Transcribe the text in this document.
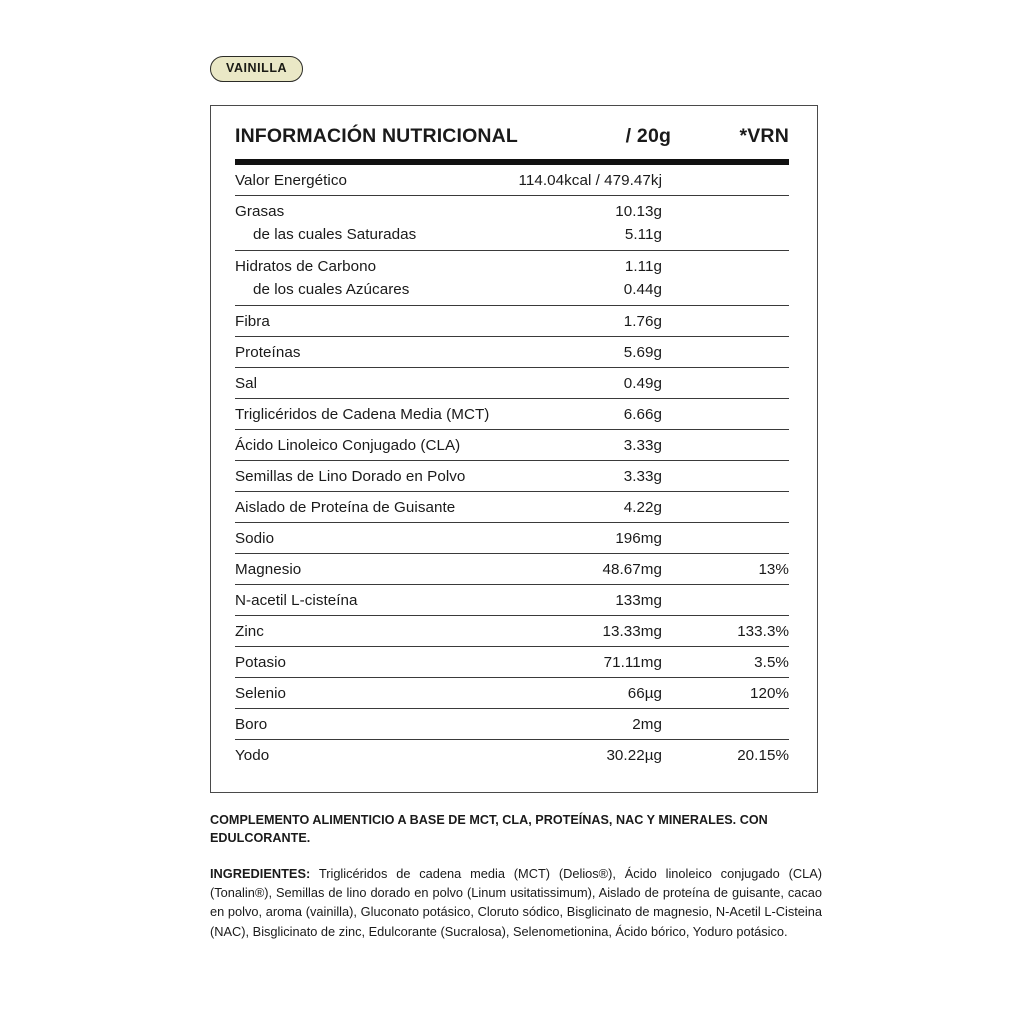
VAINILLA
INFORMACIÓN NUTRICIONAL	/ 20g	*VRN
Valor Energético	114.04kcal / 479.47kj
Grasas	10.13g
de las cuales Saturadas	5.11g
Hidratos de Carbono	1.11g
de los cuales Azúcares	0.44g
Fibra	1.76g
Proteínas	5.69g
Sal	0.49g
Triglicéridos de Cadena Media (MCT)	6.66g
Ácido Linoleico Conjugado (CLA)	3.33g
Semillas de Lino Dorado en Polvo	3.33g
Aislado de Proteína de Guisante	4.22g
Sodio	196mg
Magnesio	48.67mg	13%
N-acetil L-cisteína	133mg
Zinc	13.33mg	133.3%
Potasio	71.11mg	3.5%
Selenio	66µg	120%
Boro	2mg
Yodo	30.22µg	20.15%
COMPLEMENTO ALIMENTICIO A BASE DE MCT, CLA, PROTEÍNAS, NAC Y MINERALES. CON EDULCORANTE.
INGREDIENTES: Triglicéridos de cadena media (MCT) (Delios®), Ácido linoleico conjugado (CLA) (Tonalin®), Semillas de lino dorado en polvo (Linum usitatissimum), Aislado de proteína de guisante, cacao en polvo, aroma (vainilla), Gluconato potásico, Cloruto sódico, Bisglicinato de magnesio, N-Acetil L-Cisteina (NAC), Bisglicinato de zinc, Edulcorante (Sucralosa), Selenometionina, Ácido bórico, Yoduro potásico.
